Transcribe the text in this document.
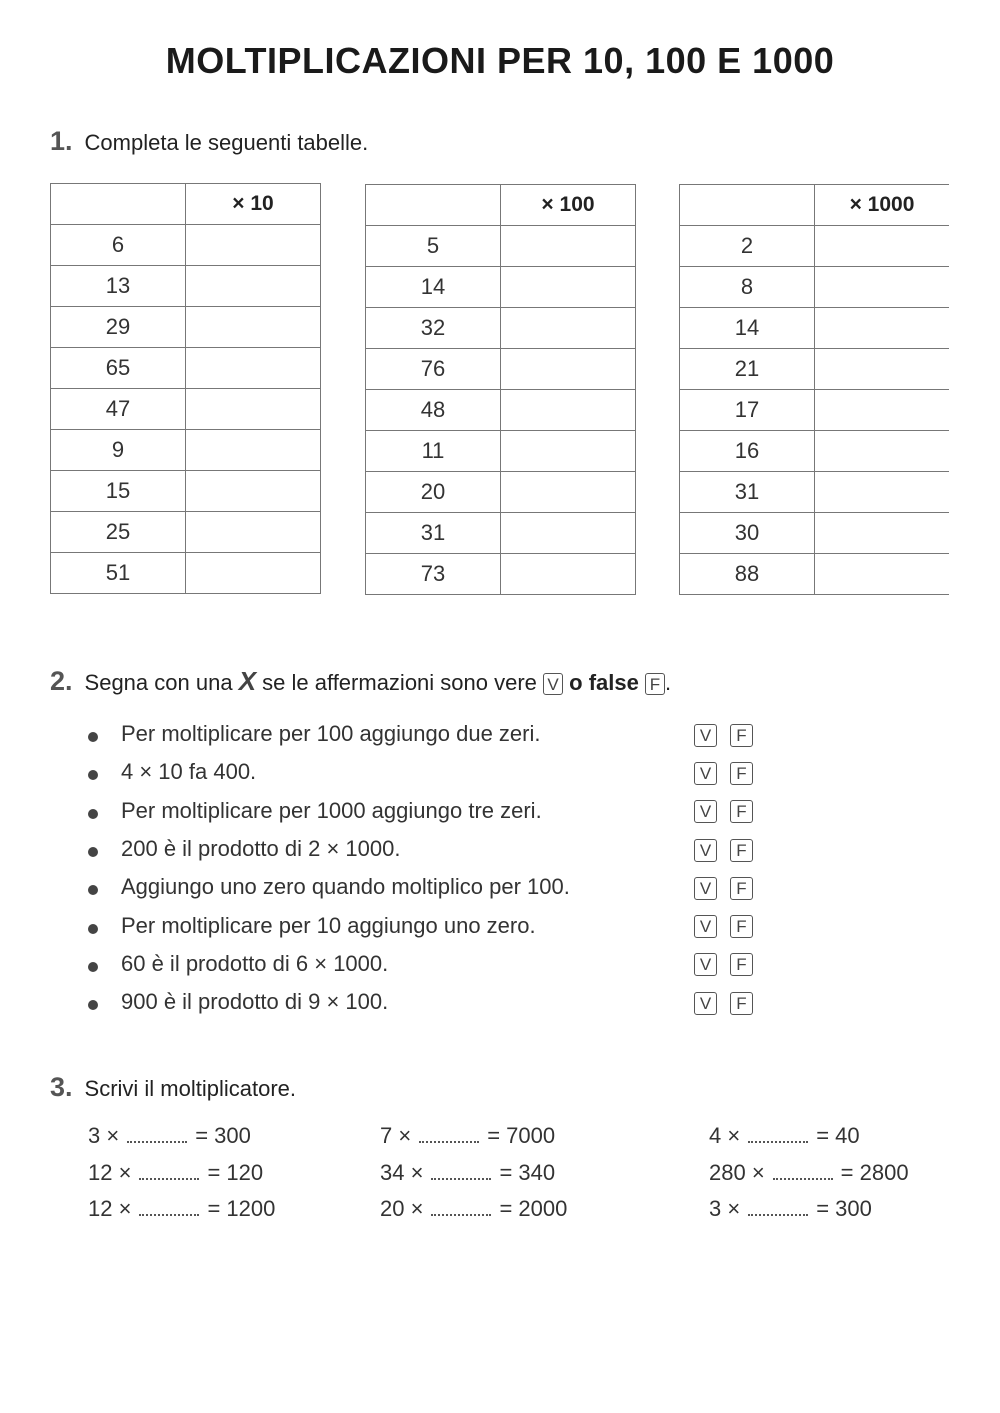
MOLTIPLICAZIONI PER 10, 100 E 1000
1. Completa le seguenti tabelle.
	× 10
6	
13	
29	
65	
47	
9	
15	
25	
51	
	× 100
5	
14	
32	
76	
48	
11	
20	
31	
73	
	× 1000
2	
8	
14	
21	
17	
16	
31	
30	
88	
2. Segna con una X se le affermazioni sono vere V o false F .
Per moltiplicare per 100 aggiungo due zeri.	V F
4 × 10 fa 400.	V F
Per moltiplicare per 1000 aggiungo tre zeri.	V F
200 è il prodotto di 2 × 1000.	V F
Aggiungo uno zero quando moltiplico per 100.	V F
Per moltiplicare per 10 aggiungo uno zero.	V F
60 è il prodotto di 6 × 1000.	V F
900 è il prodotto di 9 × 100.	V F
3. Scrivi il moltiplicatore.
3 ×	= 300
12 ×	= 120
12 ×	= 1200
7 ×	= 7000
34 ×	= 340
20 ×	= 2000
4 ×	= 40
280 ×	= 2800
3 ×	= 300
